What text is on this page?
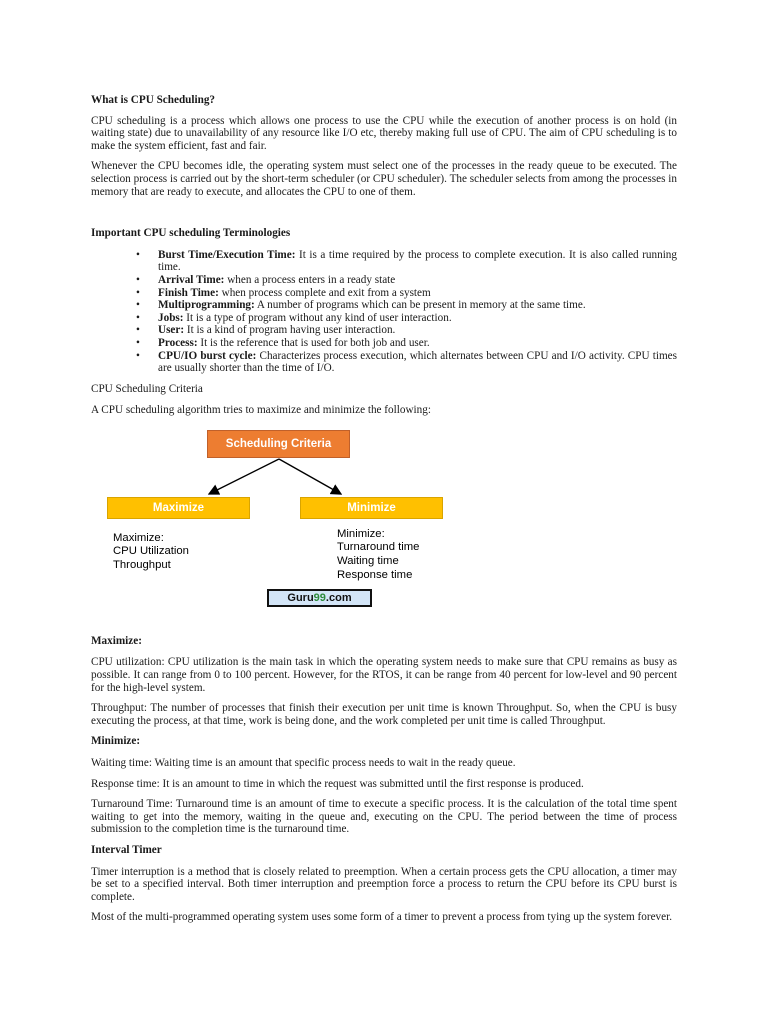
What is CPU Scheduling?

CPU scheduling is a process which allows one process to use the CPU while the execution of another process is on hold (in waiting state) due to unavailability of any resource like I/O etc, thereby making full use of CPU. The aim of CPU scheduling is to make the system efficient, fast and fair.

Whenever the CPU becomes idle, the operating system must select one of the processes in the ready queue to be executed. The selection process is carried out by the short-term scheduler (or CPU scheduler). The scheduler selects from among the processes in memory that are ready to execute, and allocates the CPU to one of them.

Important CPU scheduling Terminologies

• Burst Time/Execution Time: It is a time required by the process to complete execution. It is also called running time.
• Arrival Time: when a process enters in a ready state
• Finish Time: when process complete and exit from a system
• Multiprogramming: A number of programs which can be present in memory at the same time.
• Jobs: It is a type of program without any kind of user interaction.
• User: It is a kind of program having user interaction.
• Process: It is the reference that is used for both job and user.
• CPU/IO burst cycle: Characterizes process execution, which alternates between CPU and I/O activity. CPU times are usually shorter than the time of I/O.

CPU Scheduling Criteria

A CPU scheduling algorithm tries to maximize and minimize the following:

Scheduling Criteria
Maximize	Minimize
Maximize:
CPU Utilization
Throughput
Minimize:
Turnaround time
Waiting time
Response time
Guru 99 .com

Maximize:

CPU utilization: CPU utilization is the main task in which the operating system needs to make sure that CPU remains as busy as possible. It can range from 0 to 100 percent. However, for the RTOS, it can be range from 40 percent for low-level and 90 percent for the high-level system.

Throughput: The number of processes that finish their execution per unit time is known Throughput. So, when the CPU is busy executing the process, at that time, work is being done, and the work completed per unit time is called Throughput.

Minimize:

Waiting time: Waiting time is an amount that specific process needs to wait in the ready queue.

Response time: It is an amount to time in which the request was submitted until the first response is produced.

Turnaround Time: Turnaround time is an amount of time to execute a specific process. It is the calculation of the total time spent waiting to get into the memory, waiting in the queue and, executing on the CPU. The period between the time of process submission to the completion time is the turnaround time.

Interval Timer

Timer interruption is a method that is closely related to preemption. When a certain process gets the CPU allocation, a timer may be set to a specified interval. Both timer interruption and preemption force a process to return the CPU before its CPU burst is complete.

Most of the multi-programmed operating system uses some form of a timer to prevent a process from tying up the system forever.
